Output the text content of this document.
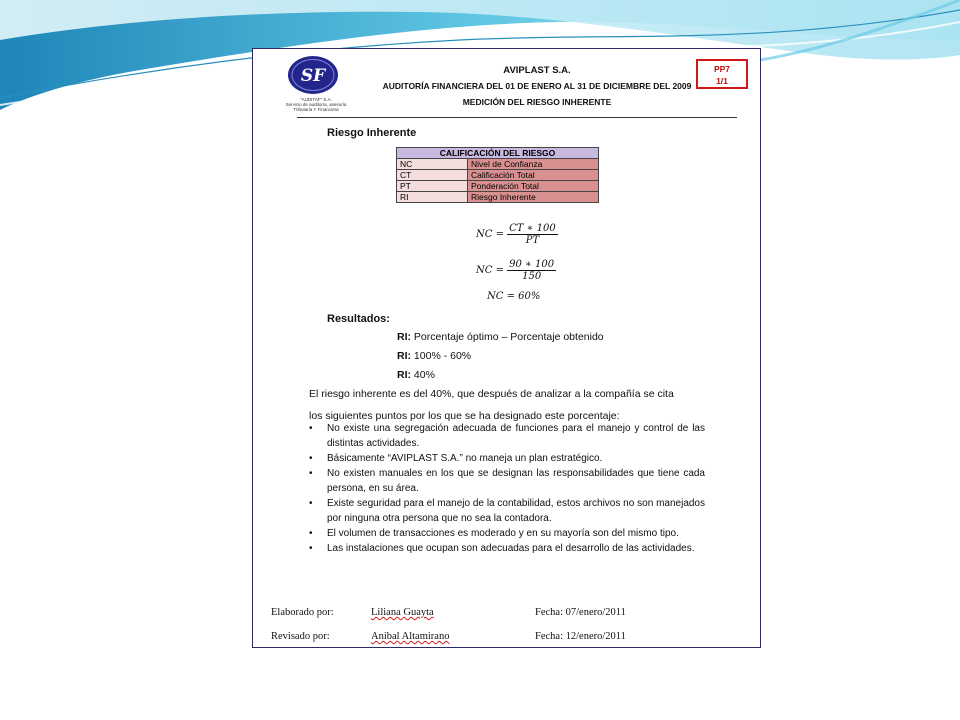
SF
"AUDITAF" S.A.
Servicio de auditoría, asesoría
Tributaria Y Financiera
AVIPLAST S.A.
AUDITORÍA FINANCIERA DEL 01 DE ENERO AL 31 DE DICIEMBRE DEL 2009
MEDICIÓN DEL RIESGO INHERENTE
PP7
1/1
Riesgo Inherente
CALIFICACIÓN DEL RIESGO	
NC	Nivel de Confianza
CT	Calificación Total
PT	Ponderación Total
RI	Riesgo Inherente
NC = $\frac{CT ∗ 100}{PT}$
NC = $\frac{90 ∗ 100}{150}$
NC = 60%
Resultados:
RI: Porcentaje óptimo – Porcentaje obtenido
RI: 100% - 60%
RI: 40%
El riesgo inherente es del 40%, que después de analizar a la compañía se cita
los siguientes puntos por los que se ha designado este porcentaje:
• No existe una segregación adecuada de funciones para el manejo y control de las distintas actividades.
• Básicamente “AVIPLAST S.A.” no maneja un plan estratégico.
• No existen manuales en los que se designan las responsabilidades que tiene cada persona, en su área.
• Existe seguridad para el manejo de la contabilidad, estos archivos no son manejados por ninguna otra persona que no sea la contadora.
• El volumen de transacciones es moderado y en su mayoría son del mismo tipo.
• Las instalaciones que ocupan son adecuadas para el desarrollo de las actividades.
Elaborado por:	Liliana Guayta	Fecha: 07/enero/2011
Revisado por:	Anibal Altamirano	Fecha: 12/enero/2011
